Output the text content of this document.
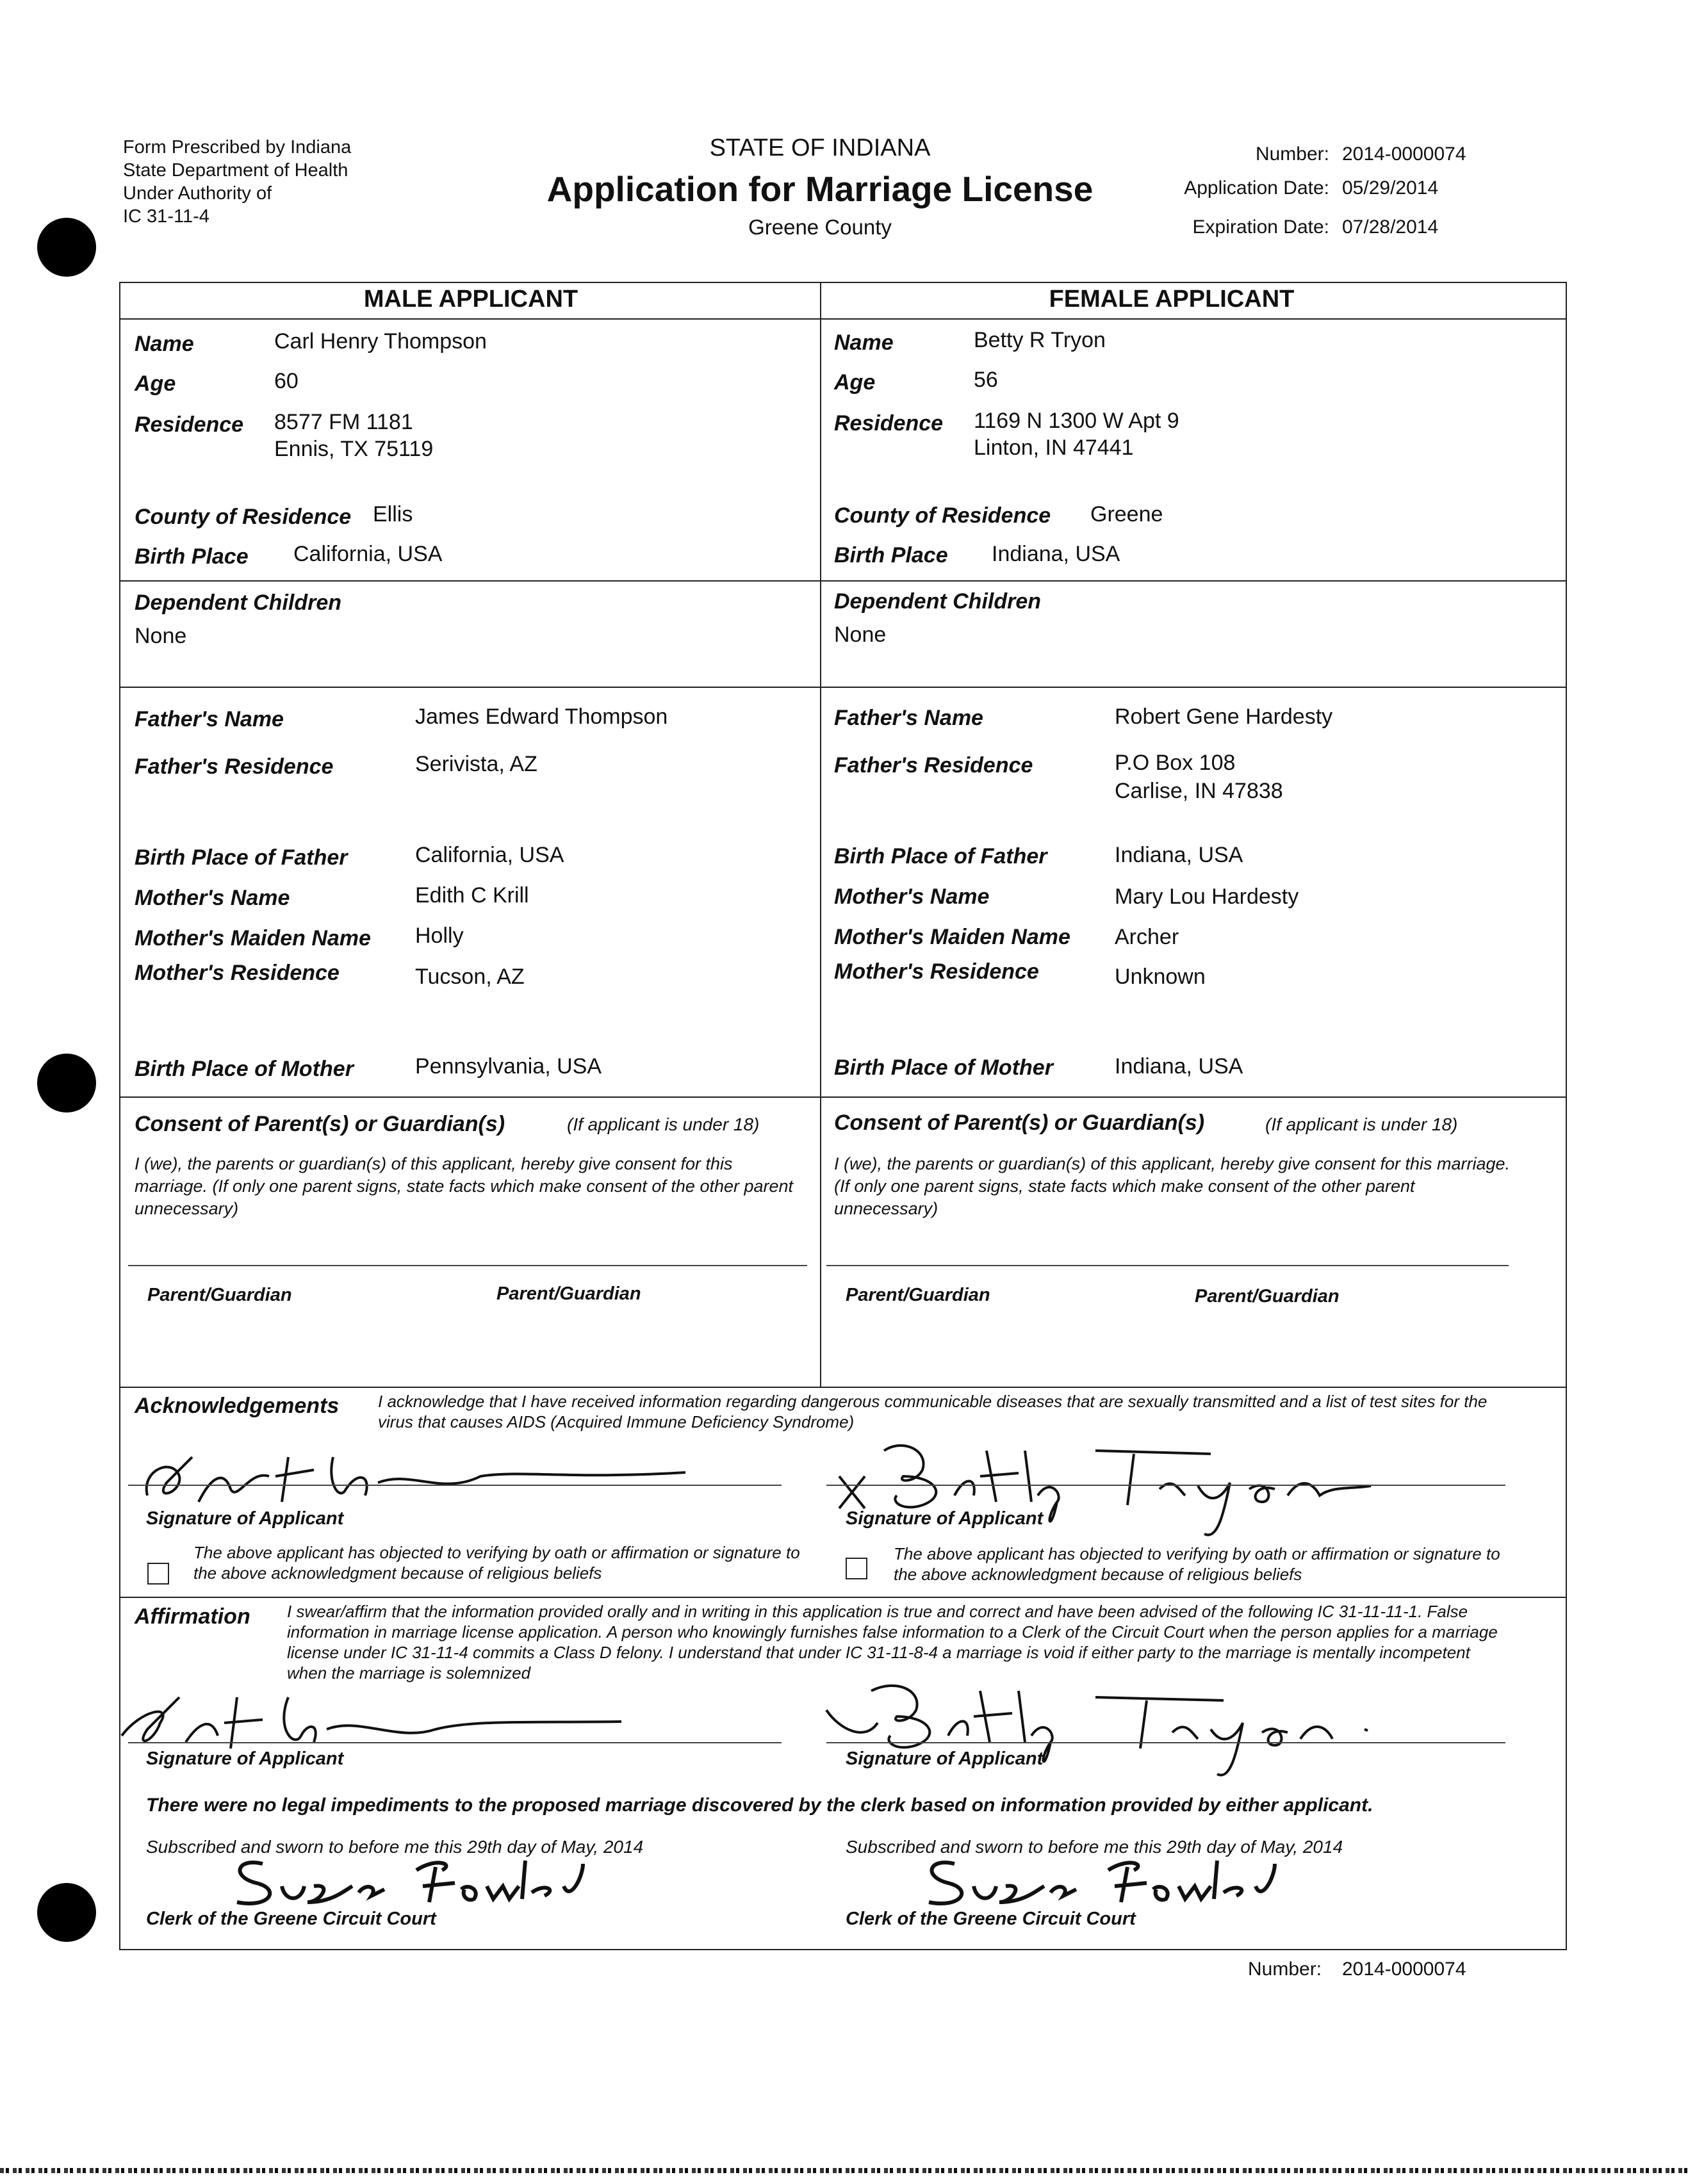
Form Prescribed by Indiana
State Department of Health
Under Authority of
IC 31-11-4
STATE OF INDIANA
Application for Marriage License
Greene County
Number: 2014-0000074
Application Date: 05/29/2014
Expiration Date: 07/28/2014
MALE APPLICANT	FEMALE APPLICANT
Name	Carl Henry Thompson
Age	60
Residence 8577 FM 1181
Ennis, TX 75119
County of Residence Ellis
Birth Place California, USA
Dependent Children
None
Father's Name	James Edward Thompson
Father's Residence	Serivista, AZ
Birth Place of Father	California, USA
Mother's Name	Edith C Krill
Mother's Maiden Name Holly
Mother's Residence	Tucson, AZ
Birth Place of Mother	Pennsylvania, USA
Name	Betty R Tryon
Age	56
Residence 1169 N 1300 W Apt 9
Linton, IN 47441
County of Residence Greene
Birth Place Indiana, USA
Dependent Children
None
Father's Name	Robert Gene Hardesty
Father's Residence	P.O Box 108
Carlise, IN 47838
Birth Place of Father	Indiana, USA
Mother's Name	Mary Lou Hardesty
Mother's Maiden Name Archer
Mother's Residence	Unknown
Birth Place of Mother	Indiana, USA
Consent of Parent(s) or Guardian(s)	(If applicant is under 18)
I (we), the parents or guardian(s) of this applicant, hereby give consent for this marriage. (If only one parent signs, state facts which make consent of the other parent unnecessary)
Parent/Guardian	Parent/Guardian
Consent of Parent(s) or Guardian(s)	(If applicant is under 18)
I (we), the parents or guardian(s) of this applicant, hereby give consent for this marriage. (If only one parent signs, state facts which make consent of the other parent unnecessary)
Parent/Guardian	Parent/Guardian
Acknowledgements I acknowledge that I have received information regarding dangerous communicable diseases that are sexually transmitted and a list of test sites for the virus that causes AIDS (Acquired Immune Deficiency Syndrome)
Signature of Applicant
The above applicant has objected to verifying by oath or affirmation or signature to the above acknowledgment because of religious beliefs
Signature of Applicant
The above applicant has objected to verifying by oath or affirmation or signature to the above acknowledgment because of religious beliefs
Affirmation I swear/affirm that the information provided orally and in writing in this application is true and correct and have been advised of the following IC 31-11-11-1. False information in marriage license application. A person who knowingly furnishes false information to a Clerk of the Circuit Court when the person applies for a marriage license under IC 31-11-4 commits a Class D felony. I understand that under IC 31-11-8-4 a marriage is void if either party to the marriage is mentally incompetent when the marriage is solemnized
Signature of Applicant	Signature of Applicant
There were no legal impediments to the proposed marriage discovered by the clerk based on information provided by either applicant.
Subscribed and sworn to before me this 29th day of May, 2014
Clerk of the Greene Circuit Court
Subscribed and sworn to before me this 29th day of May, 2014
Clerk of the Greene Circuit Court
Number: 2014-0000074
